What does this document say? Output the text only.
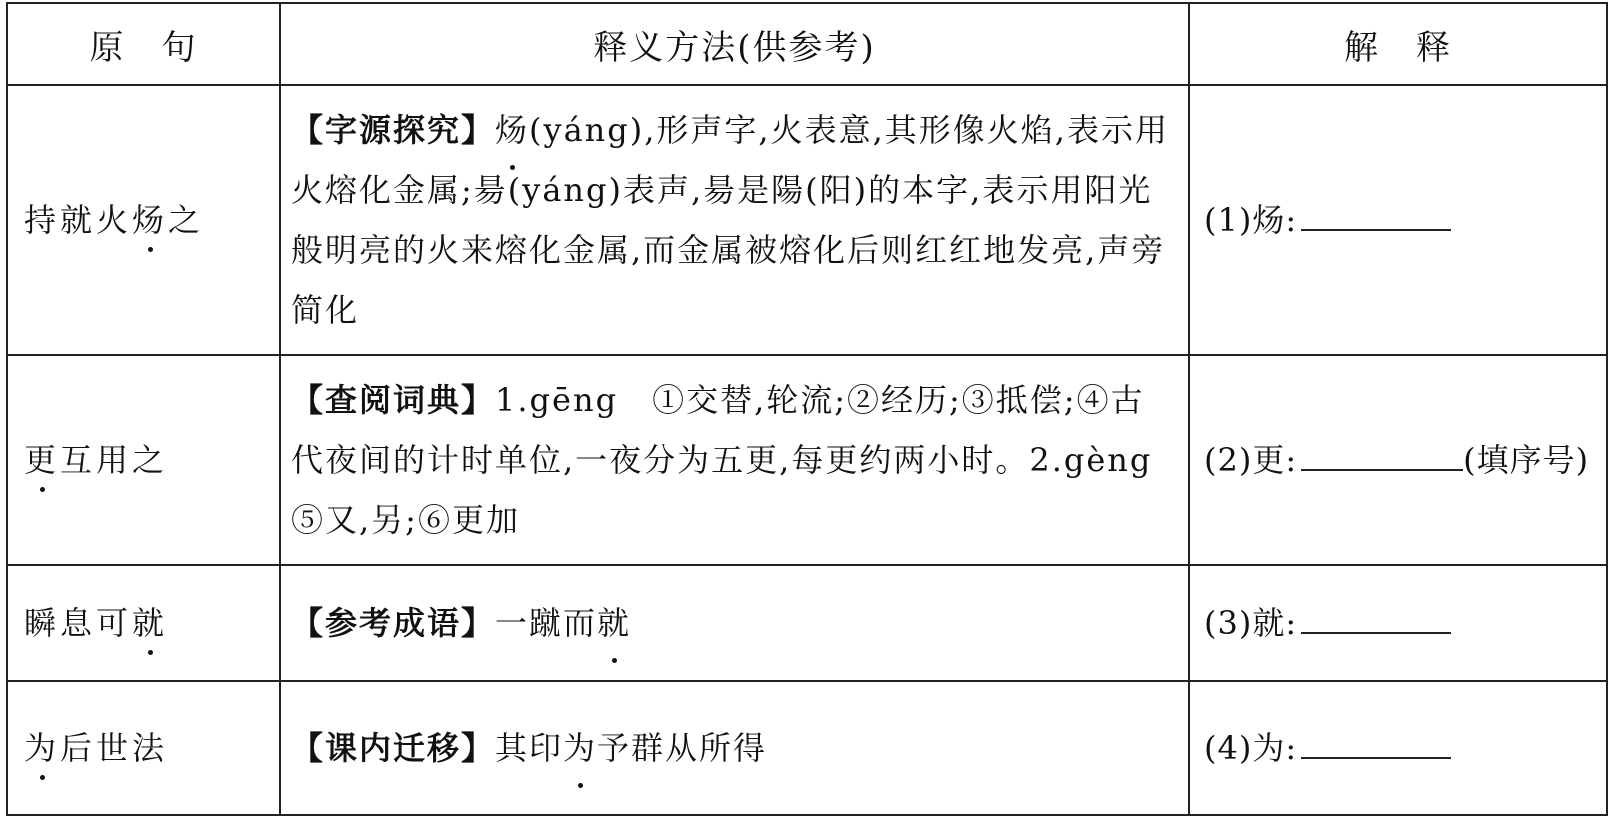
原　句	释义方法(供参考)	解　释
持就火炀之	【字源探究】炀(yáng),形声字,火表意,其形像火焰,表示用火熔化金属;昜(yáng)表声,昜是陽(阳)的本字,表示用阳光般明亮的火来熔化金属,而金属被熔化后则红红地发亮,声旁简化	(1)炀:
更互用之	【查阅词典】1.gēng　①交替,轮流;②经历;③抵偿;④古代夜间的计时单位,一夜分为五更,每更约两小时。2.gèng　⑤又,另;⑥更加	(2)更: (填序号)
瞬息可就	【参考成语】一蹴而就	(3)就:
为后世法	【课内迁移】其印为予群从所得	(4)为:
